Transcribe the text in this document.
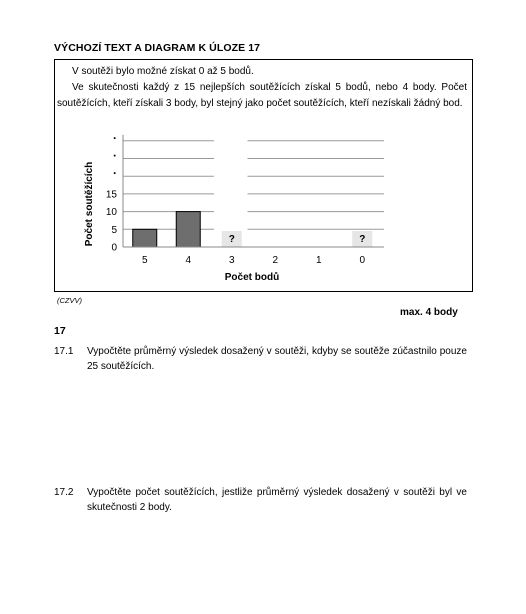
VÝCHOZÍ TEXT A DIAGRAM K ÚLOZE 17
V soutěži bylo možné získat 0 až 5 bodů.
Ve skutečnosti každý z 15 nejlepších soutěžících získal 5 bodů, nebo 4 body. Počet
soutěžících, kteří získali 3 body, byl stejný jako počet soutěžících, kteří nezískali žádný bod.
?	?
0
5
10
15
·
·
·
5	4	3	2	1	0
Počet soutěžících
Počet bodů
(CZVV)
max. 4 body
17
17.1 Vypočtěte průměrný výsledek dosažený v soutěži, kdyby se soutěže zúčastnilo pouze 25 soutěžících.
17.2 Vypočtěte počet soutěžících, jestliže průměrný výsledek dosažený v soutěži byl ve skutečnosti 2 body.
